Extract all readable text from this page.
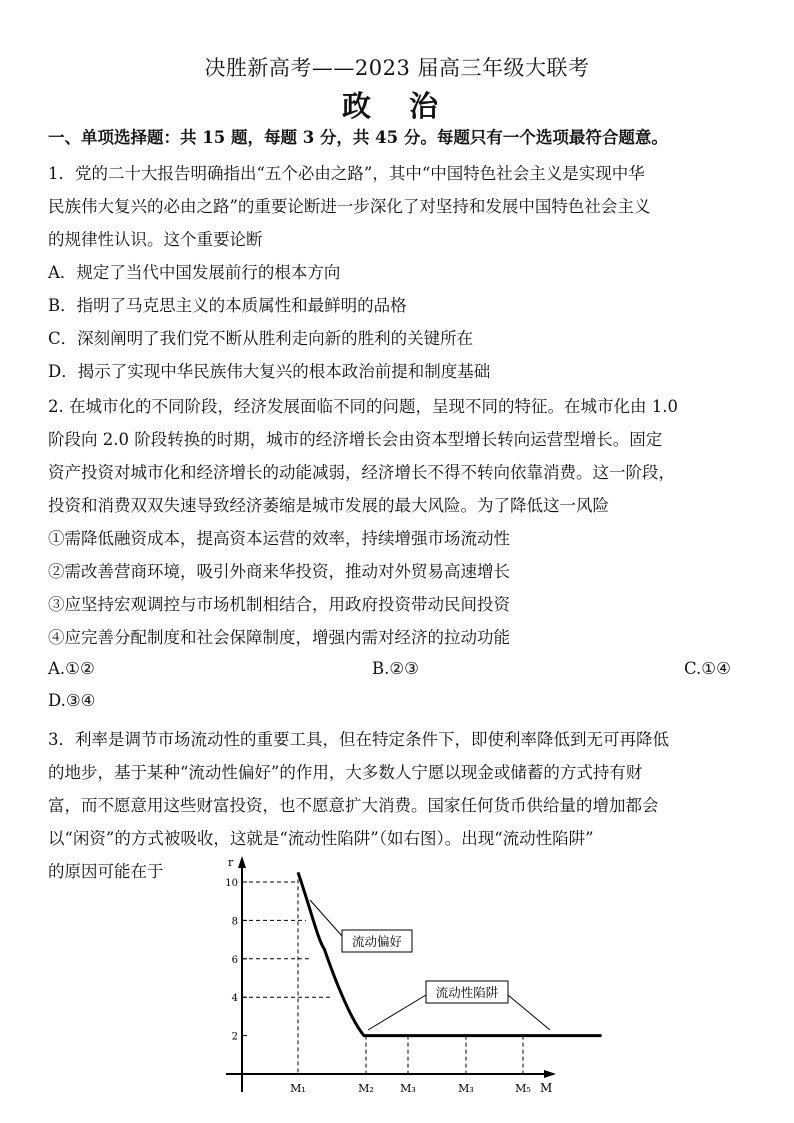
决胜新高考——2023 届高三年级大联考
政 治
一、单项选择题：共 15 题，每题 3 分，共 45 分。每题只有一个选项最符合题意。
1．党的二十大报告明确指出“五个必由之路”，其中“中国特色社会主义是实现中华
民族伟大复兴的必由之路”的重要论断进一步深化了对坚持和发展中国特色社会主义
的规律性认识。这个重要论断
A．规定了当代中国发展前行的根本方向
B．指明了马克思主义的本质属性和最鲜明的品格
C．深刻阐明了我们党不断从胜利走向新的胜利的关键所在
D．揭示了实现中华民族伟大复兴的根本政治前提和制度基础
2. 在城市化的不同阶段，经济发展面临不同的问题，呈现不同的特征。在城市化由 1.0
阶段向 2.0 阶段转换的时期，城市的经济增长会由资本型增长转向运营型增长。固定
资产投资对城市化和经济增长的动能减弱，经济增长不得不转向依靠消费。这一阶段，
投资和消费双双失速导致经济萎缩是城市发展的最大风险。为了降低这一风险
①需降低融资成本，提高资本运营的效率，持续增强市场流动性
②需改善营商环境，吸引外商来华投资，推动对外贸易高速增长
③应坚持宏观调控与市场机制相结合，用政府投资带动民间投资
④应完善分配制度和社会保障制度，增强内需对经济的拉动功能
A.①②	B.②③	C.①④
D.③④
3．利率是调节市场流动性的重要工具，但在特定条件下，即使利率降低到无可再降低
的地步，基于某种“流动性偏好”的作用，大多数人宁愿以现金或储蓄的方式持有财
富，而不愿意用这些财富投资，也不愿意扩大消费。国家任何货币供给量的增加都会
以“闲资”的方式被吸收，这就是“流动性陷阱”（如右图）。出现“流动性陷阱”
的原因可能在于	r
M
2
4
6
8
10
M₁	M₂ M₃	M₃	M₅
流动偏好
流动性陷阱
